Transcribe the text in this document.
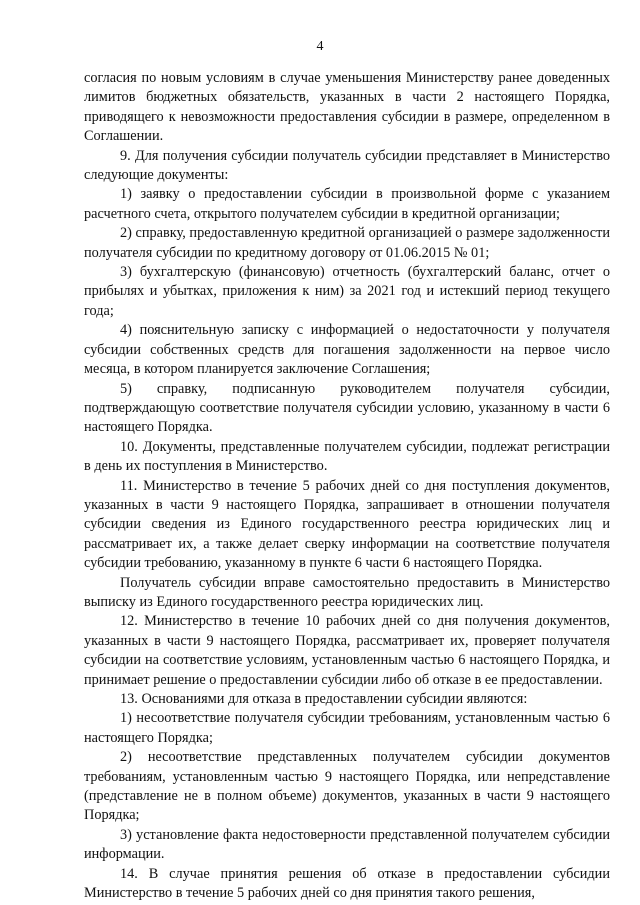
4

согласия по новым условиям в случае уменьшения Министерству ранее доведенных лимитов бюджетных обязательств, указанных в части 2 настоящего Порядка, приводящего к невозможности предоставления субсидии в размере, определенном в Соглашении.

9. Для получения субсидии получатель субсидии представляет в Министерство следующие документы:

1) заявку о предоставлении субсидии в произвольной форме с указанием расчетного счета, открытого получателем субсидии в кредитной организации;

2) справку, предоставленную кредитной организацией о размере задолженности получателя субсидии по кредитному договору от 01.06.2015 № 01;

3) бухгалтерскую (финансовую) отчетность (бухгалтерский баланс, отчет о прибылях и убытках, приложения к ним) за 2021 год и истекший период текущего года;

4) пояснительную записку с информацией о недостаточности у получателя субсидии собственных средств для погашения задолженности на первое число месяца, в котором планируется заключение Соглашения;

5) справку, подписанную руководителем получателя субсидии, подтверждающую соответствие получателя субсидии условию, указанному в части 6 настоящего Порядка.

10. Документы, представленные получателем субсидии, подлежат регистрации в день их поступления в Министерство.

11. Министерство в течение 5 рабочих дней со дня поступления документов, указанных в части 9 настоящего Порядка, запрашивает в отношении получателя субсидии сведения из Единого государственного реестра юридических лиц и рассматривает их, а также делает сверку информации на соответствие получателя субсидии требованию, указанному в пункте 6 части 6 настоящего Порядка.

Получатель субсидии вправе самостоятельно предоставить в Министерство выписку из Единого государственного реестра юридических лиц.

12. Министерство в течение 10 рабочих дней со дня получения документов, указанных в части 9 настоящего Порядка, рассматривает их, проверяет получателя субсидии на соответствие условиям, установленным частью 6 настоящего Порядка, и принимает решение о предоставлении субсидии либо об отказе в ее предоставлении.

13. Основаниями для отказа в предоставлении субсидии являются:

1) несоответствие получателя субсидии требованиям, установленным частью 6 настоящего Порядка;

2) несоответствие представленных получателем субсидии документов требованиям, установленным частью 9 настоящего Порядка, или непредставление (представление не в полном объеме) документов, указанных в части 9 настоящего Порядка;

3) установление факта недостоверности представленной получателем субсидии информации.

14. В случае принятия решения об отказе в предоставлении субсидии Министерство в течение 5 рабочих дней со дня принятия такого решения,
